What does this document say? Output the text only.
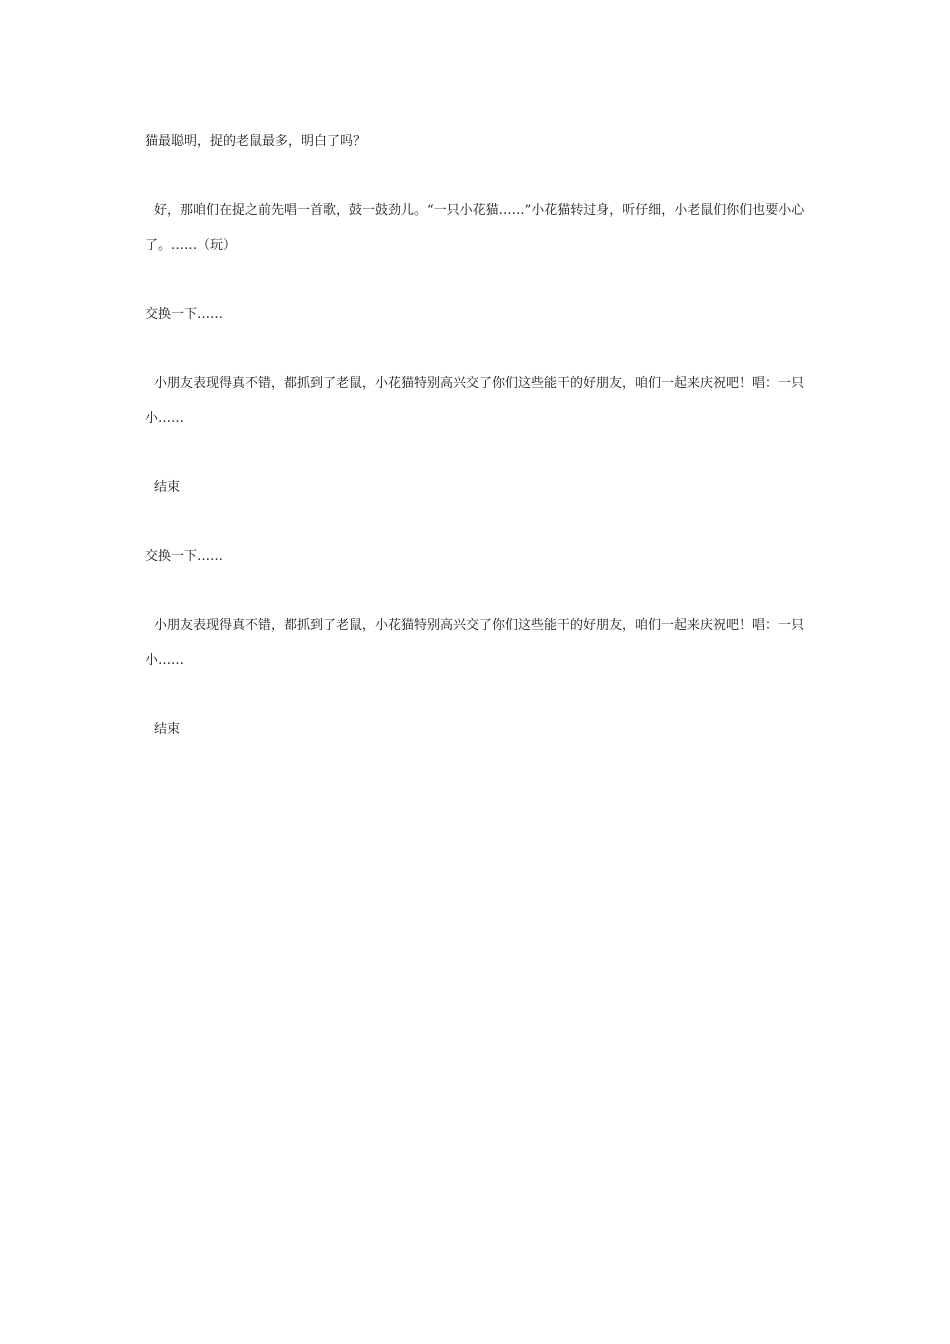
猫最聪明，捉的老鼠最多，明白了吗？

好，那咱们在捉之前先唱一首歌，鼓一鼓劲儿。“一只小花猫……”小花猫转过身，听仔细，小老鼠们你们也要小心了。……（玩）

交换一下……

小朋友表现得真不错，都抓到了老鼠，小花猫特别高兴交了你们这些能干的好朋友，咱们一起来庆祝吧！唱：一只小……

结束

交换一下……

小朋友表现得真不错，都抓到了老鼠，小花猫特别高兴交了你们这些能干的好朋友，咱们一起来庆祝吧！唱：一只小……

结束
